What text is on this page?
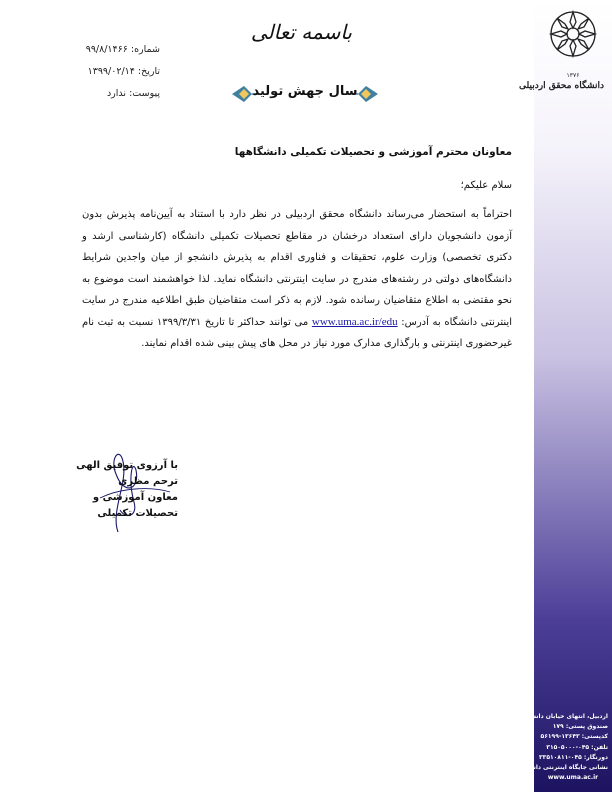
۱۳۷۶
دانشگاه محقق اردبیلی
اردبیل، انتهای خیابان دانشگاه
صندوق پستی: ۱۷۹
کدپستی: ۱۳۶۴۳-۵۶۱۹۹
تلفن: ۰۴۵-۳۱۵۰۵۰۰۰
دورنگار: ۰۴۵-۳۳۵۱۰۸۱۱
نشانی جایگاه اینترنتی دانشگاه:
www.uma.ac.ir
باسمه تعالی
شماره: ۹۹/۸/۱۴۶۶
تاریخ: ۱۳۹۹/۰۲/۱۴
پیوست: ندارد	سال جهش تولید
معاونان محترم آموزشی و تحصیلات تکمیلی دانشگاهها
سلام علیکم؛

احتراماً به استحضار می‌رساند دانشگاه محقق اردبیلی در نظر دارد با استناد به آیین‌نامه پذیرش بدون آزمون دانشجویان دارای استعداد درخشان در مقاطع تحصیلات تکمیلی دانشگاه (کارشناسی ارشد و دکتری تخصصی) وزارت علوم، تحقیقات و فناوری اقدام به پذیرش دانشجو از میان واجدین شرایط دانشگاه‌های دولتی در رشته‌های مندرج در سایت اینترنتی دانشگاه نماید. لذا خواهشمند است موضوع به نحو مقتضی به اطلاع متقاضیان رسانده شود. لازم به ذکر است متقاضیان طبق اطلاعیه مندرج در سایت اینترنتی دانشگاه به آدرس: www.uma.ac.ir/edu می توانند حداکثر تا تاریخ ۱۳۹۹/۳/۳۱ نسبت به ثبت نام غیرحضوری اینترنتی و بارگذاری مدارک مورد نیاز در محل های پیش بینی شده اقدام نمایند.

با آرزوی توفیق الهی
ترحم مظری
معاون آموزشی و
تحصیلات تکمیلی
